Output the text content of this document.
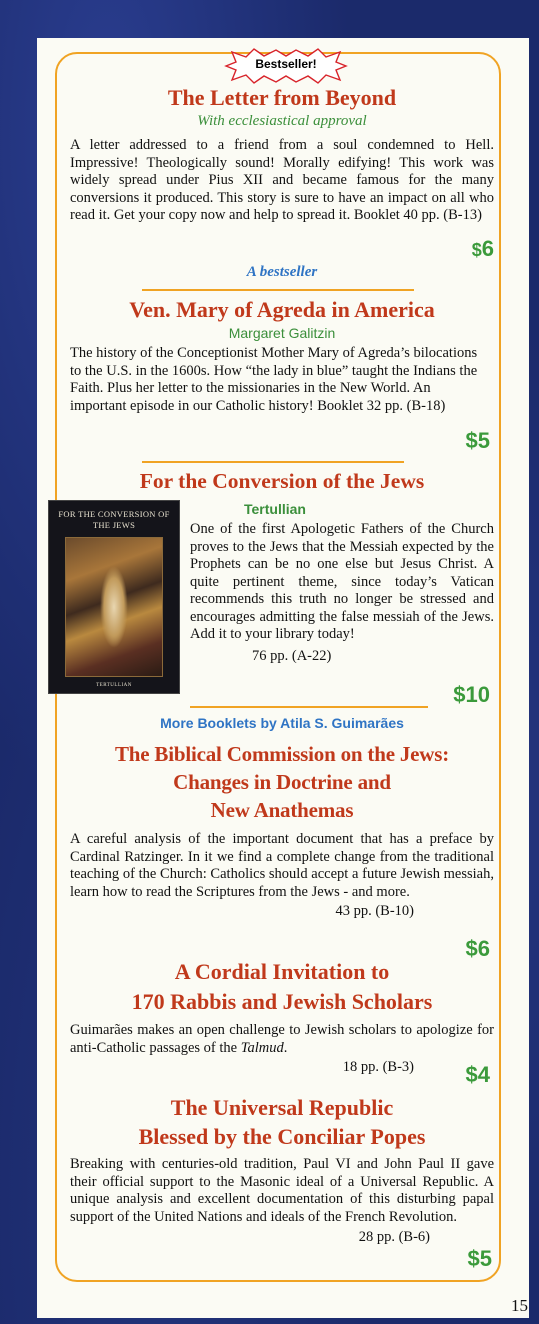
Bestseller!
The Letter from Beyond
With ecclesiastical approval
A letter addressed to a friend from a soul condemned to Hell. Impressive! Theologically sound! Morally edifying! This work was widely spread under Pius XII and became famous for the many conversions it produced. This story is sure to have an impact on all who read it. Get your copy now and help to spread it. Booklet 40 pp. (B-13)
$6
A bestseller
Ven. Mary of Agreda in America
Margaret Galitzin
The history of the Conceptionist Mother Mary of Agreda’s bilocations to the U.S. in the 1600s. How “the lady in blue” taught the Indians the Faith. Plus her letter to the missionaries in the New World. An important episode in our Catholic history! Booklet 32 pp. (B-18)
$5
For the Conversion of the Jews
FOR THE CONVERSION OF THE JEWS
TERTULLIAN
Tertullian
One of the first Apologetic Fathers of the Church proves to the Jews that the Messiah expected by the Prophets can be no one else but Jesus Christ. A quite pertinent theme, since today’s Vatican recommends this truth no longer be stressed and encourages admitting the false messiah of the Jews. Add it to your library today!
76 pp. (A-22)
$10
More Booklets by Atila S. Guimarães
The Biblical Commission on the Jews:
Changes in Doctrine and
New Anathemas
A careful analysis of the important document that has a preface by Cardinal Ratzinger. In it we find a complete change from the traditional teaching of the Church: Catholics should accept a future Jewish messiah, learn how to read the Scriptures from the Jews - and more.
43 pp. (B-10)
$6
A Cordial Invitation to
170 Rabbis and Jewish Scholars
Guimarães makes an open challenge to Jewish scholars to apologize for anti-Catholic passages of the Talmud.
18 pp. (B-3)	$4
The Universal Republic
Blessed by the Conciliar Popes
Breaking with centuries-old tradition, Paul VI and John Paul II gave their official support to the Masonic ideal of a Universal Republic. A unique analysis and excellent documentation of this disturbing papal support of the United Nations and ideals of the French Revolution.
28 pp. (B-6)
$5
15
